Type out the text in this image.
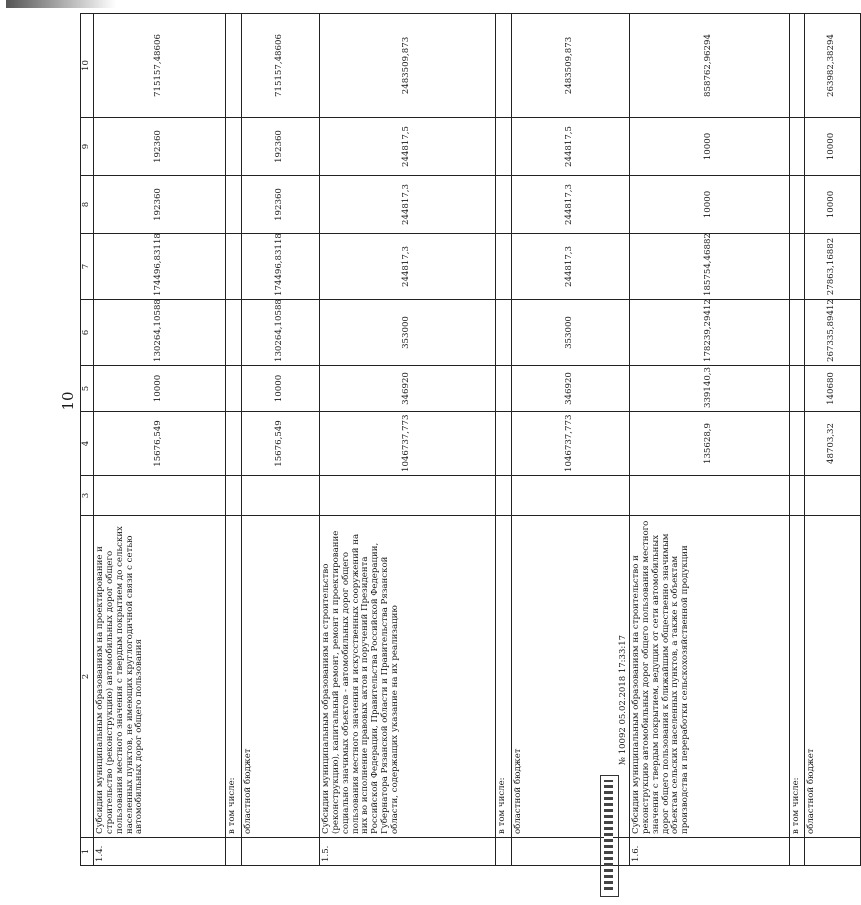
10
1	2	3	4	5	6	7	8	9	10
1.4.	Субсидии муниципальным образованиям на проектирование и строительство (реконструкцию) автомобильных дорог общего пользования местного значения с твердым покрытием до сельских населенных пунктов, не имеющих круглогодичной связи с сетью автомобильных дорог общего пользования		15676,549	10000	130264,10588	174496,83118	192360	192360	715157,48606
	в том числе:								
	областной бюджет		15676,549	10000	130264,10588	174496,83118	192360	192360	715157,48606
1.5.	Субсидии муниципальным образованиям на строительство (реконструкцию), капитальный ремонт, ремонт и проектирование социально значимых объектов - автомобильных дорог общего пользования местного значения и искусственных сооружений на них во исполнение правовых актов и поручений Президента Российской Федерации, Правительства Российской Федерации, Губернатора Рязанской области и Правительства Рязанской области, содержащих указание на их реализацию		1046737,773	346920	353000	244817,3	244817,3	244817,5	2483509,873
	в том числе:								
	областной бюджет		1046737,773	346920	353000	244817,3	244817,3	244817,5	2483509,873
1.6.	Субсидии муниципальным образованиям на строительство и реконструкцию автомобильных дорог общего пользования местного значения с твердым покрытием, ведущих от сети автомобильных дорог общего пользования к ближайшим общественно значимым объектам сельских населенных пунктов, а также к объектам производства и переработки сельскохозяйственной продукции		135628,9	339140,3	178239,29412	185754,46882	10000	10000	858762,96294
	в том числе:								
	областной бюджет		48703,32	140680	267335,89412	27863,16882	10000	10000	263982,38294
№ 10092 05.02.2018 17:33:17
